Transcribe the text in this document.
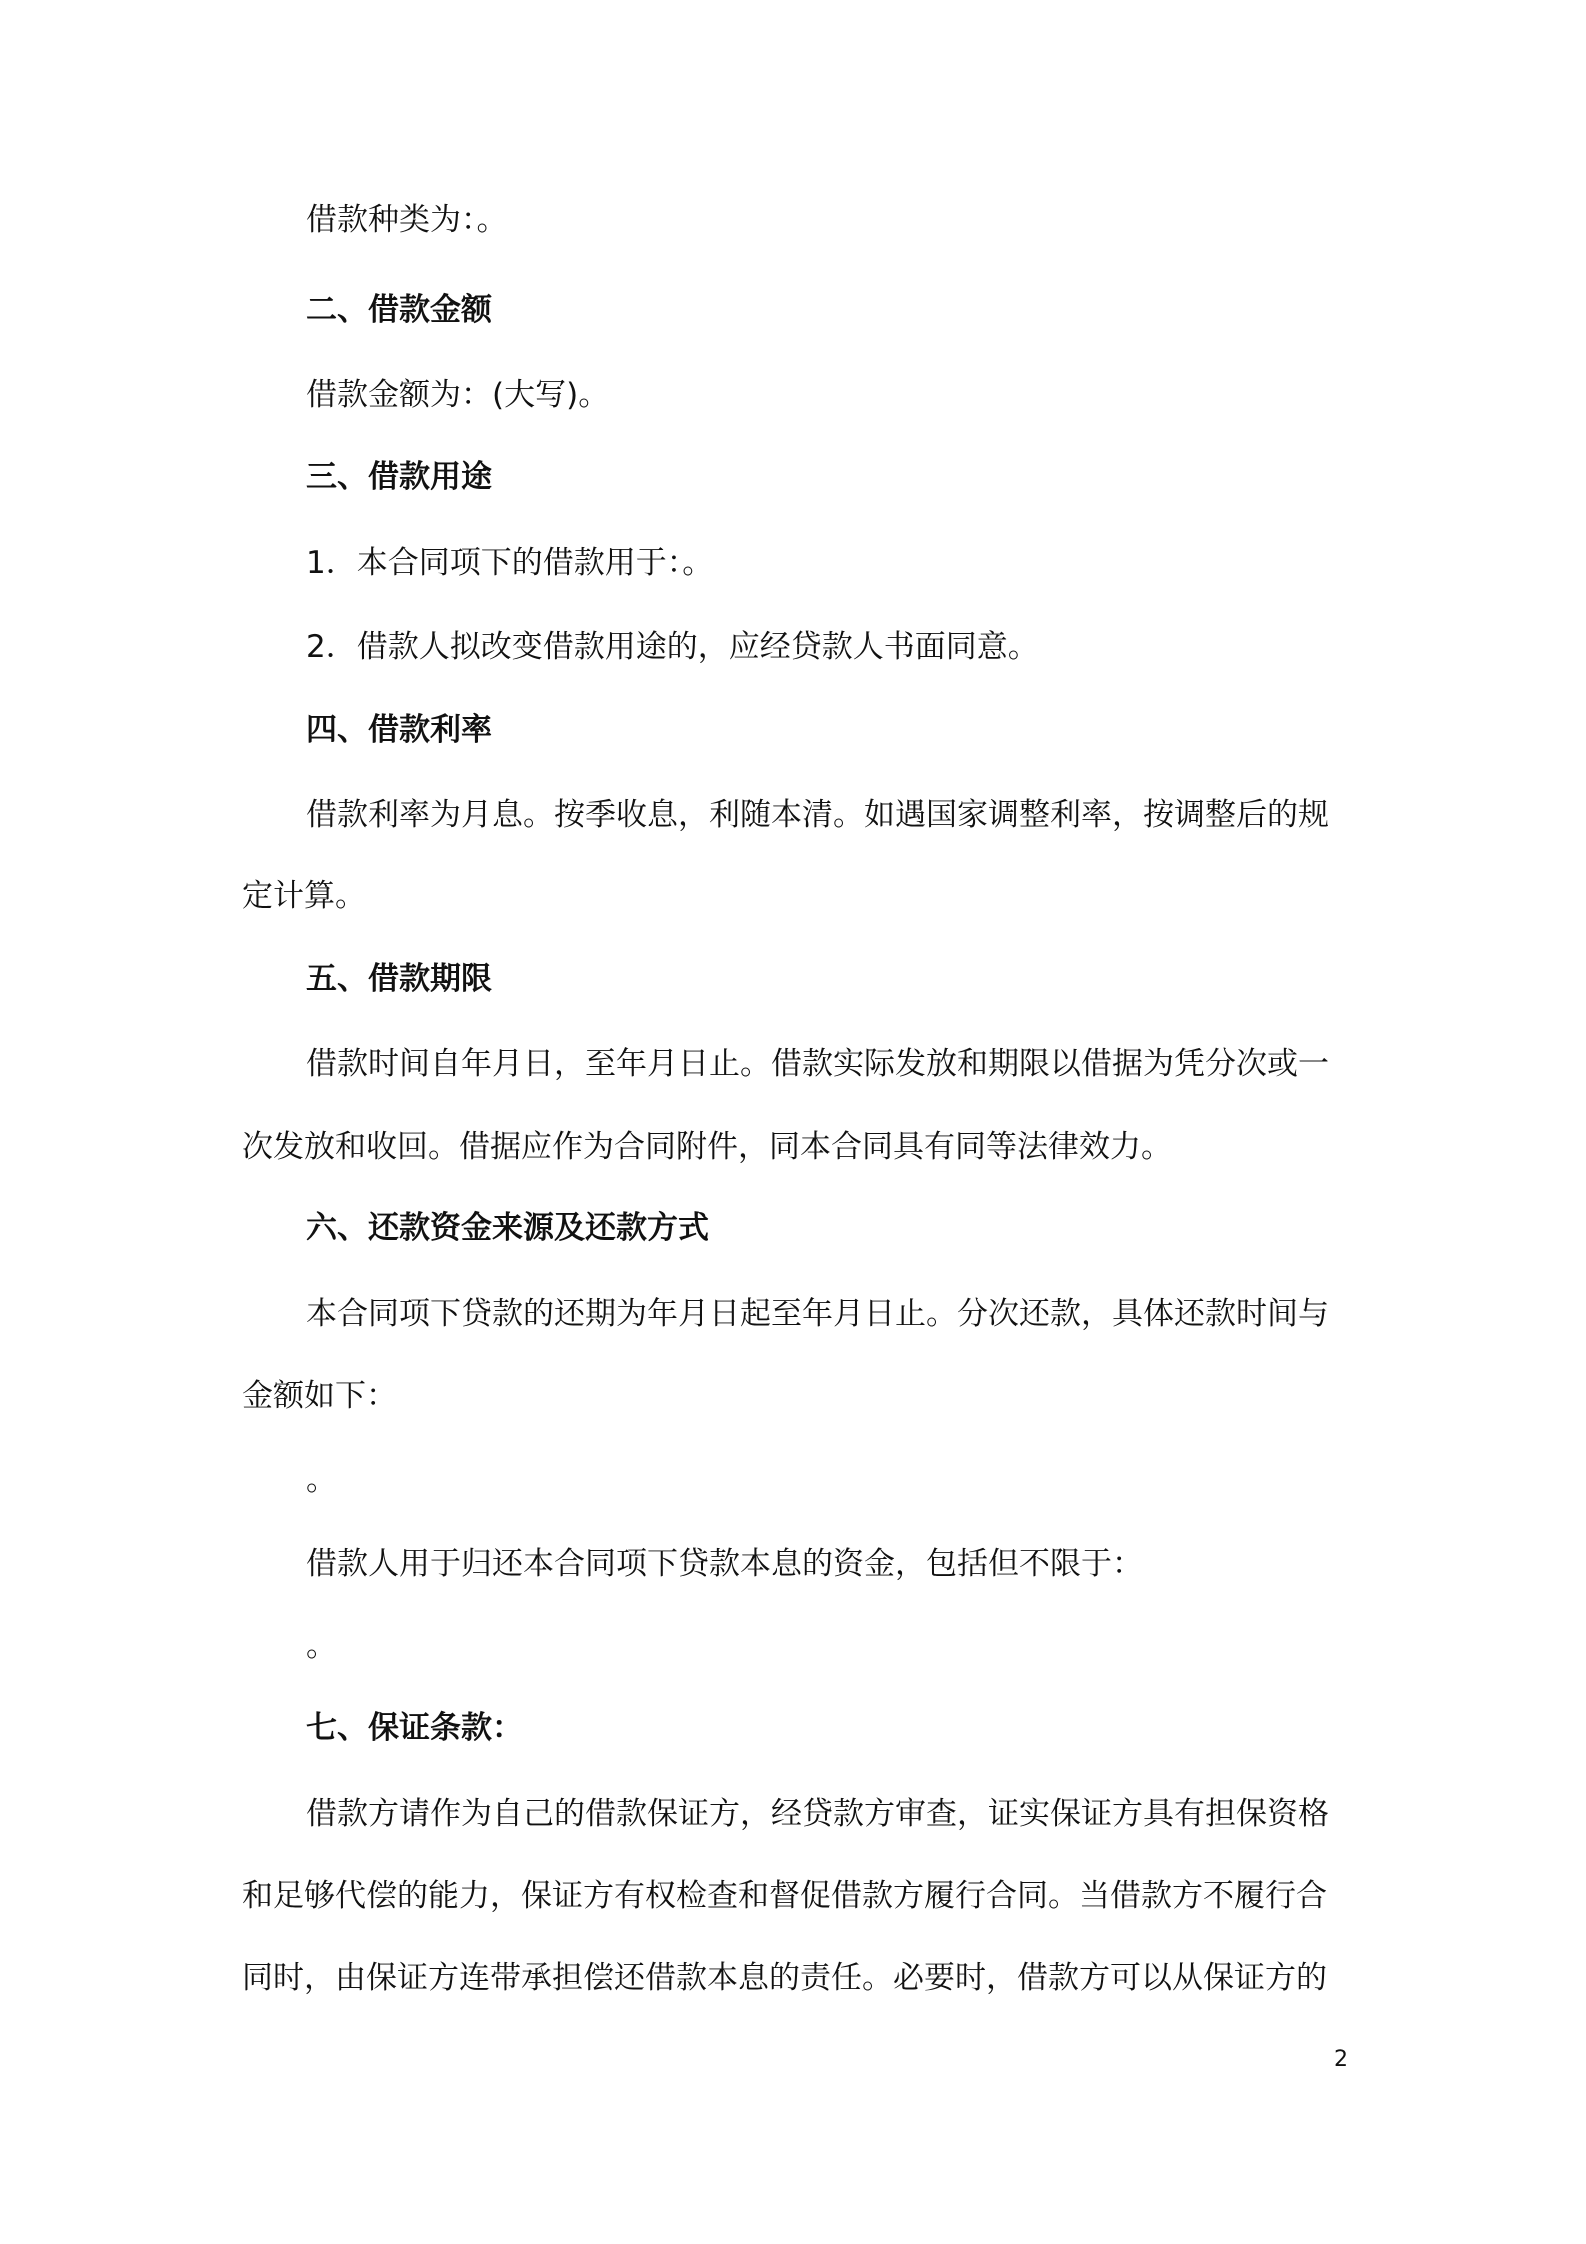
借款种类为：。
二、借款金额
借款金额为：(大写)。
三、借款用途
1．本合同项下的借款用于：。
2．借款人拟改变借款用途的，应经贷款人书面同意。
四、借款利率
借款利率为月息。按季收息，利随本清。如遇国家调整利率，按调整后的规
定计算。
五、借款期限
借款时间自年月日，至年月日止。借款实际发放和期限以借据为凭分次或一
次发放和收回。借据应作为合同附件，同本合同具有同等法律效力。
六、还款资金来源及还款方式
本合同项下贷款的还期为年月日起至年月日止。分次还款，具体还款时间与
金额如下：
。
借款人用于归还本合同项下贷款本息的资金，包括但不限于：
。
七、保证条款：
借款方请作为自己的借款保证方，经贷款方审查，证实保证方具有担保资格
和足够代偿的能力，保证方有权检查和督促借款方履行合同。当借款方不履行合
同时，由保证方连带承担偿还借款本息的责任。必要时，借款方可以从保证方的
2
